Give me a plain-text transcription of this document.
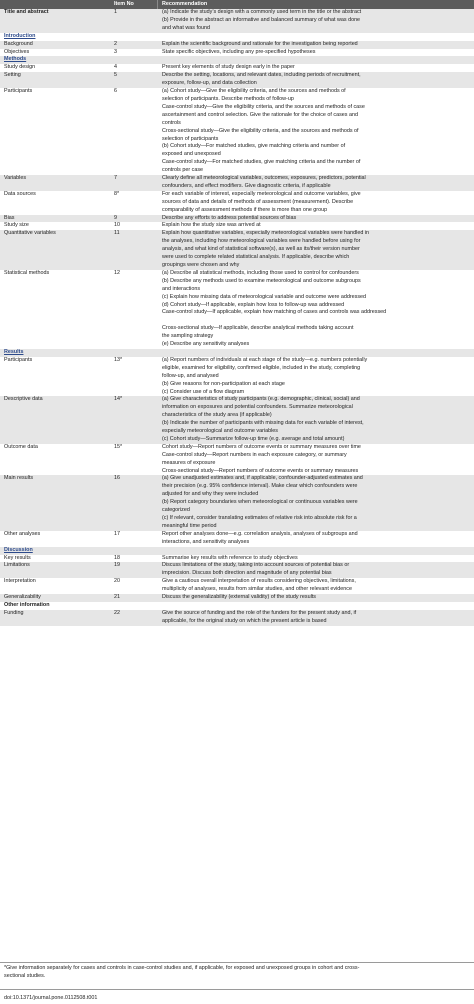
Item No	Recommendation
Title and abstract	1	(a) Indicate the study’s design with a commonly used term in the title or the abstract
(b) Provide in the abstract an informative and balanced summary of what was done
and what was found
Introduction

Background	2	Explain the scientific background and rationale for the investigation being reported
Objectives	3	State specific objectives, including any pre-specified hypotheses
Methods

Study design	4	Present key elements of study design early in the paper
Setting	5	Describe the setting, locations, and relevant dates, including periods of recruitment,
exposure, follow-up, and data collection
Participants	6	(a) Cohort study—Give the eligibility criteria, and the sources and methods of
selection of participants. Describe methods of follow-up
Case-control study—Give the eligibility criteria, and the sources and methods of case
ascertainment and control selection. Give the rationale for the choice of cases and
controls
Cross-sectional study—Give the eligibility criteria, and the sources and methods of
selection of participants
(b) Cohort study—For matched studies, give matching criteria and number of
exposed and unexposed
Case-control study—For matched studies, give matching criteria and the number of
controls per case
Variables	7	Clearly define all meteorological variables, outcomes, exposures, predictors, potential
confounders, and effect modifiers. Give diagnostic criteria, if applicable
Data sources	8*	For each variable of interest, especially meteorological and outcome variables, give
sources of data and details of methods of assessment (measurement). Describe
comparability of assessment methods if there is more than one group
Bias	9	Describe any efforts to address potential sources of bias
Study size	10	Explain how the study size was arrived at
Quantitative variables	11	Explain how quantitative variables, especially meteorological variables were handled in
the analyses, including how meteorological variables were handled before using for
analysis, and what kind of statistical software(s), as well as its/their version number
were used to complete related statistical analysis. If applicable, describe which
groupings were chosen and why
Statistical methods	12	(a) Describe all statistical methods, including those used to control for confounders
(b) Describe any methods used to examine meteorological and outcome subgroups
and interactions
(c) Explain how missing data of meteorological variable and outcome were addressed
(d) Cohort study—If applicable, explain how loss to follow-up was addressed
Case-control study—If applicable, explain how matching of cases and controls was addressed

Cross-sectional study—If applicable, describe analytical methods taking account
the sampling strategy
(e) Describe any sensitivity analyses
Results

Participants	13*	(a) Report numbers of individuals at each stage of the study—e.g. numbers potentially
eligible, examined for eligibility, confirmed eligible, included in the study, completing
follow-up, and analysed
(b) Give reasons for non-participation at each stage
(c) Consider use of a flow diagram
Descriptive data	14*	(a) Give characteristics of study participants (e.g. demographic, clinical, social) and
information on exposures and potential confounders. Summarize meteorological
characteristics of the study area (if applicable)
(b) Indicate the number of participants with missing data for each variable of interest,
especially meteorological and outcome variables
(c) Cohort study—Summarize follow-up time (e.g. average and total amount)
Outcome data	15*	Cohort study—Report numbers of outcome events or summary measures over time
Case-control study—Report numbers in each exposure category, or summary
measures of exposure
Cross-sectional study—Report numbers of outcome events or summary measures
Main results	16	(a) Give unadjusted estimates and, if applicable, confounder-adjusted estimates and
their precision (e.g. 95% confidence interval). Make clear which confounders were
adjusted for and why they were included
(b) Report category boundaries when meteorological or continuous variables were
categorized
(c) If relevant, consider translating estimates of relative risk into absolute risk for a
meaningful time period
Other analyses	17	Report other analyses done—e.g. correlation analysis, analyses of subgroups and
interactions, and sensitivity analyses
Discussion

Key results	18	Summarise key results with reference to study objectives
Limitations	19	Discuss limitations of the study, taking into account sources of potential bias or
imprecision. Discuss both direction and magnitude of any potential bias
Interpretation	20	Give a cautious overall interpretation of results considering objectives, limitations,
multiplicity of analyses, results from similar studies, and other relevant evidence
Generalizability	21	Discuss the generalizability (external validity) of the study results
Other information

Funding	22	Give the source of funding and the role of the funders for the present study and, if
applicable, for the original study on which the present article is based
*Give information separately for cases and controls in case-control studies and, if applicable, for exposed and unexposed groups in cohort and cross-
sectional studies.
doi:10.1371/journal.pone.0112508.t001
